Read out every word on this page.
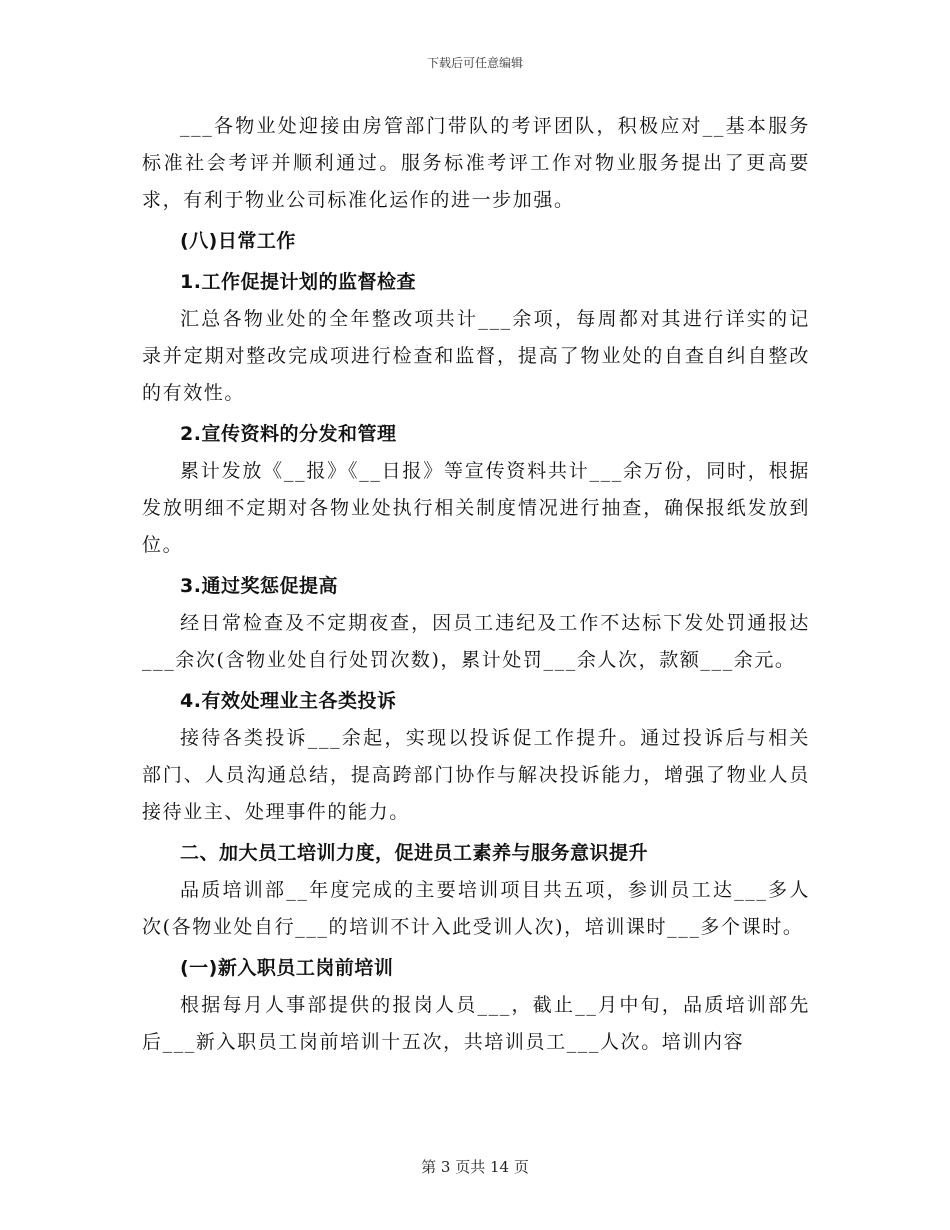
下载后可任意编辑

___各物业处迎接由房管部门带队的考评团队，积极应对__基本服务标准社会考评并顺利通过。服务标准考评工作对物业服务提出了更高要求，有利于物业公司标准化运作的进一步加强。

(八)日常工作

1.工作促提计划的监督检查

汇总各物业处的全年整改项共计___余项，每周都对其进行详实的记录并定期对整改完成项进行检查和监督，提高了物业处的自查自纠自整改的有效性。

2.宣传资料的分发和管理

累计发放《__报》《__日报》等宣传资料共计___余万份，同时，根据发放明细不定期对各物业处执行相关制度情况进行抽查，确保报纸发放到位。

3.通过奖惩促提高

经日常检查及不定期夜查，因员工违纪及工作不达标下发处罚通报达___余次(含物业处自行处罚次数)，累计处罚___余人次，款额___余元。

4.有效处理业主各类投诉

接待各类投诉___余起，实现以投诉促工作提升。通过投诉后与相关部门、人员沟通总结，提高跨部门协作与解决投诉能力，增强了物业人员接待业主、处理事件的能力。

二、加大员工培训力度，促进员工素养与服务意识提升

品质培训部__年度完成的主要培训项目共五项，参训员工达___多人次(各物业处自行___的培训不计入此受训人次)，培训课时___多个课时。

(一)新入职员工岗前培训

根据每月人事部提供的报岗人员___，截止__月中旬，品质培训部先后___新入职员工岗前培训十五次，共培训员工___人次。培训内容

第 3 页共 14 页
